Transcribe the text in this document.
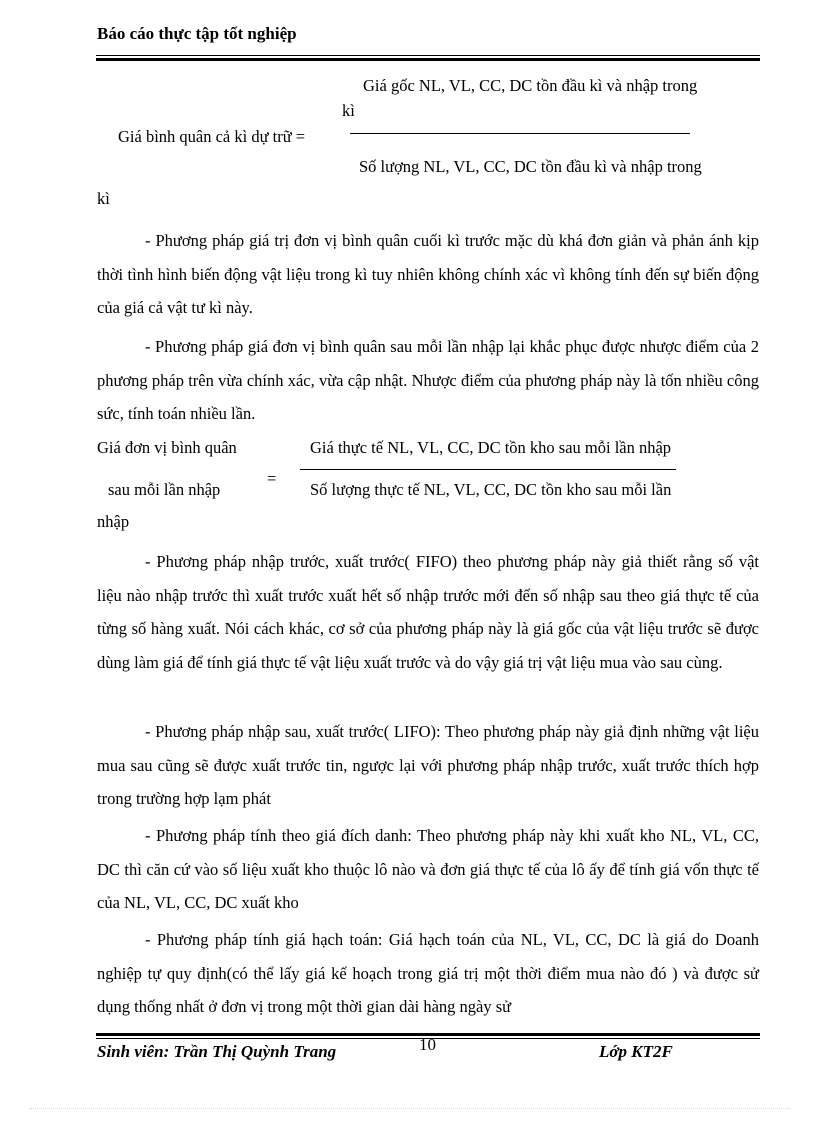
Báo cáo thực tập tốt nghiệp
Giá gốc NL, VL, CC, DC tồn đầu kì và nhập trong
kì
Giá bình quân cả kì dự trữ =
Số lượng NL, VL, CC, DC tồn đầu kì và nhập trong
kì
- Phương pháp giá trị đơn vị bình quân cuối kì trước mặc dù khá đơn giản và phản ánh kịp thời tình hình biến động vật liệu trong kì tuy nhiên không chính xác vì không tính đến sự biến động của giá cả vật tư kì này.
- Phương pháp giá đơn vị bình quân sau mỗi lần nhập lại khắc phục được nhược điểm của 2 phương pháp trên vừa chính xác, vừa cập nhật. Nhược điểm của phương pháp này là tốn nhiều công sức, tính toán nhiều lần.
Giá đơn vị bình quân	Giá thực tế NL, VL, CC, DC tồn kho sau mỗi lần nhập
=
sau mỗi lần nhập	Số lượng thực tế NL, VL, CC, DC tồn kho sau mỗi lần
nhập
- Phương pháp nhập trước, xuất trước( FIFO) theo phương pháp này giả thiết rằng số vật liệu nào nhập trước thì xuất trước xuất hết số nhập trước mới đến số nhập sau theo giá thực tế của từng số hàng xuất. Nói cách khác, cơ sở của phương pháp này là giá gốc của vật liệu trước sẽ được dùng làm giá để tính giá thực tế vật liệu xuất trước và do vậy giá trị vật liệu mua vào sau cùng.
- Phương pháp nhập sau, xuất trước( LIFO): Theo phương pháp này giả định những vật liệu mua sau cũng sẽ được xuất trước tin, ngược lại với phương pháp nhập trước, xuất trước thích hợp trong trường hợp lạm phát
- Phương pháp tính theo giá đích danh: Theo phương pháp này khi xuất kho NL, VL, CC, DC thì căn cứ vào số liệu xuất kho thuộc lô nào và đơn giá thực tế của lô ấy để tính giá vốn thực tế của NL, VL, CC, DC xuất kho
- Phương pháp tính giá hạch toán: Giá hạch toán của NL, VL, CC, DC là giá do Doanh nghiệp tự quy định(có thể lấy giá kế hoạch trong giá trị một thời điểm mua nào đó ) và được sử dụng thống nhất ở đơn vị trong một thời gian dài hàng ngày sử
Sinh viên: Trần Thị Quỳnh Trang	10	Lớp KT2F
